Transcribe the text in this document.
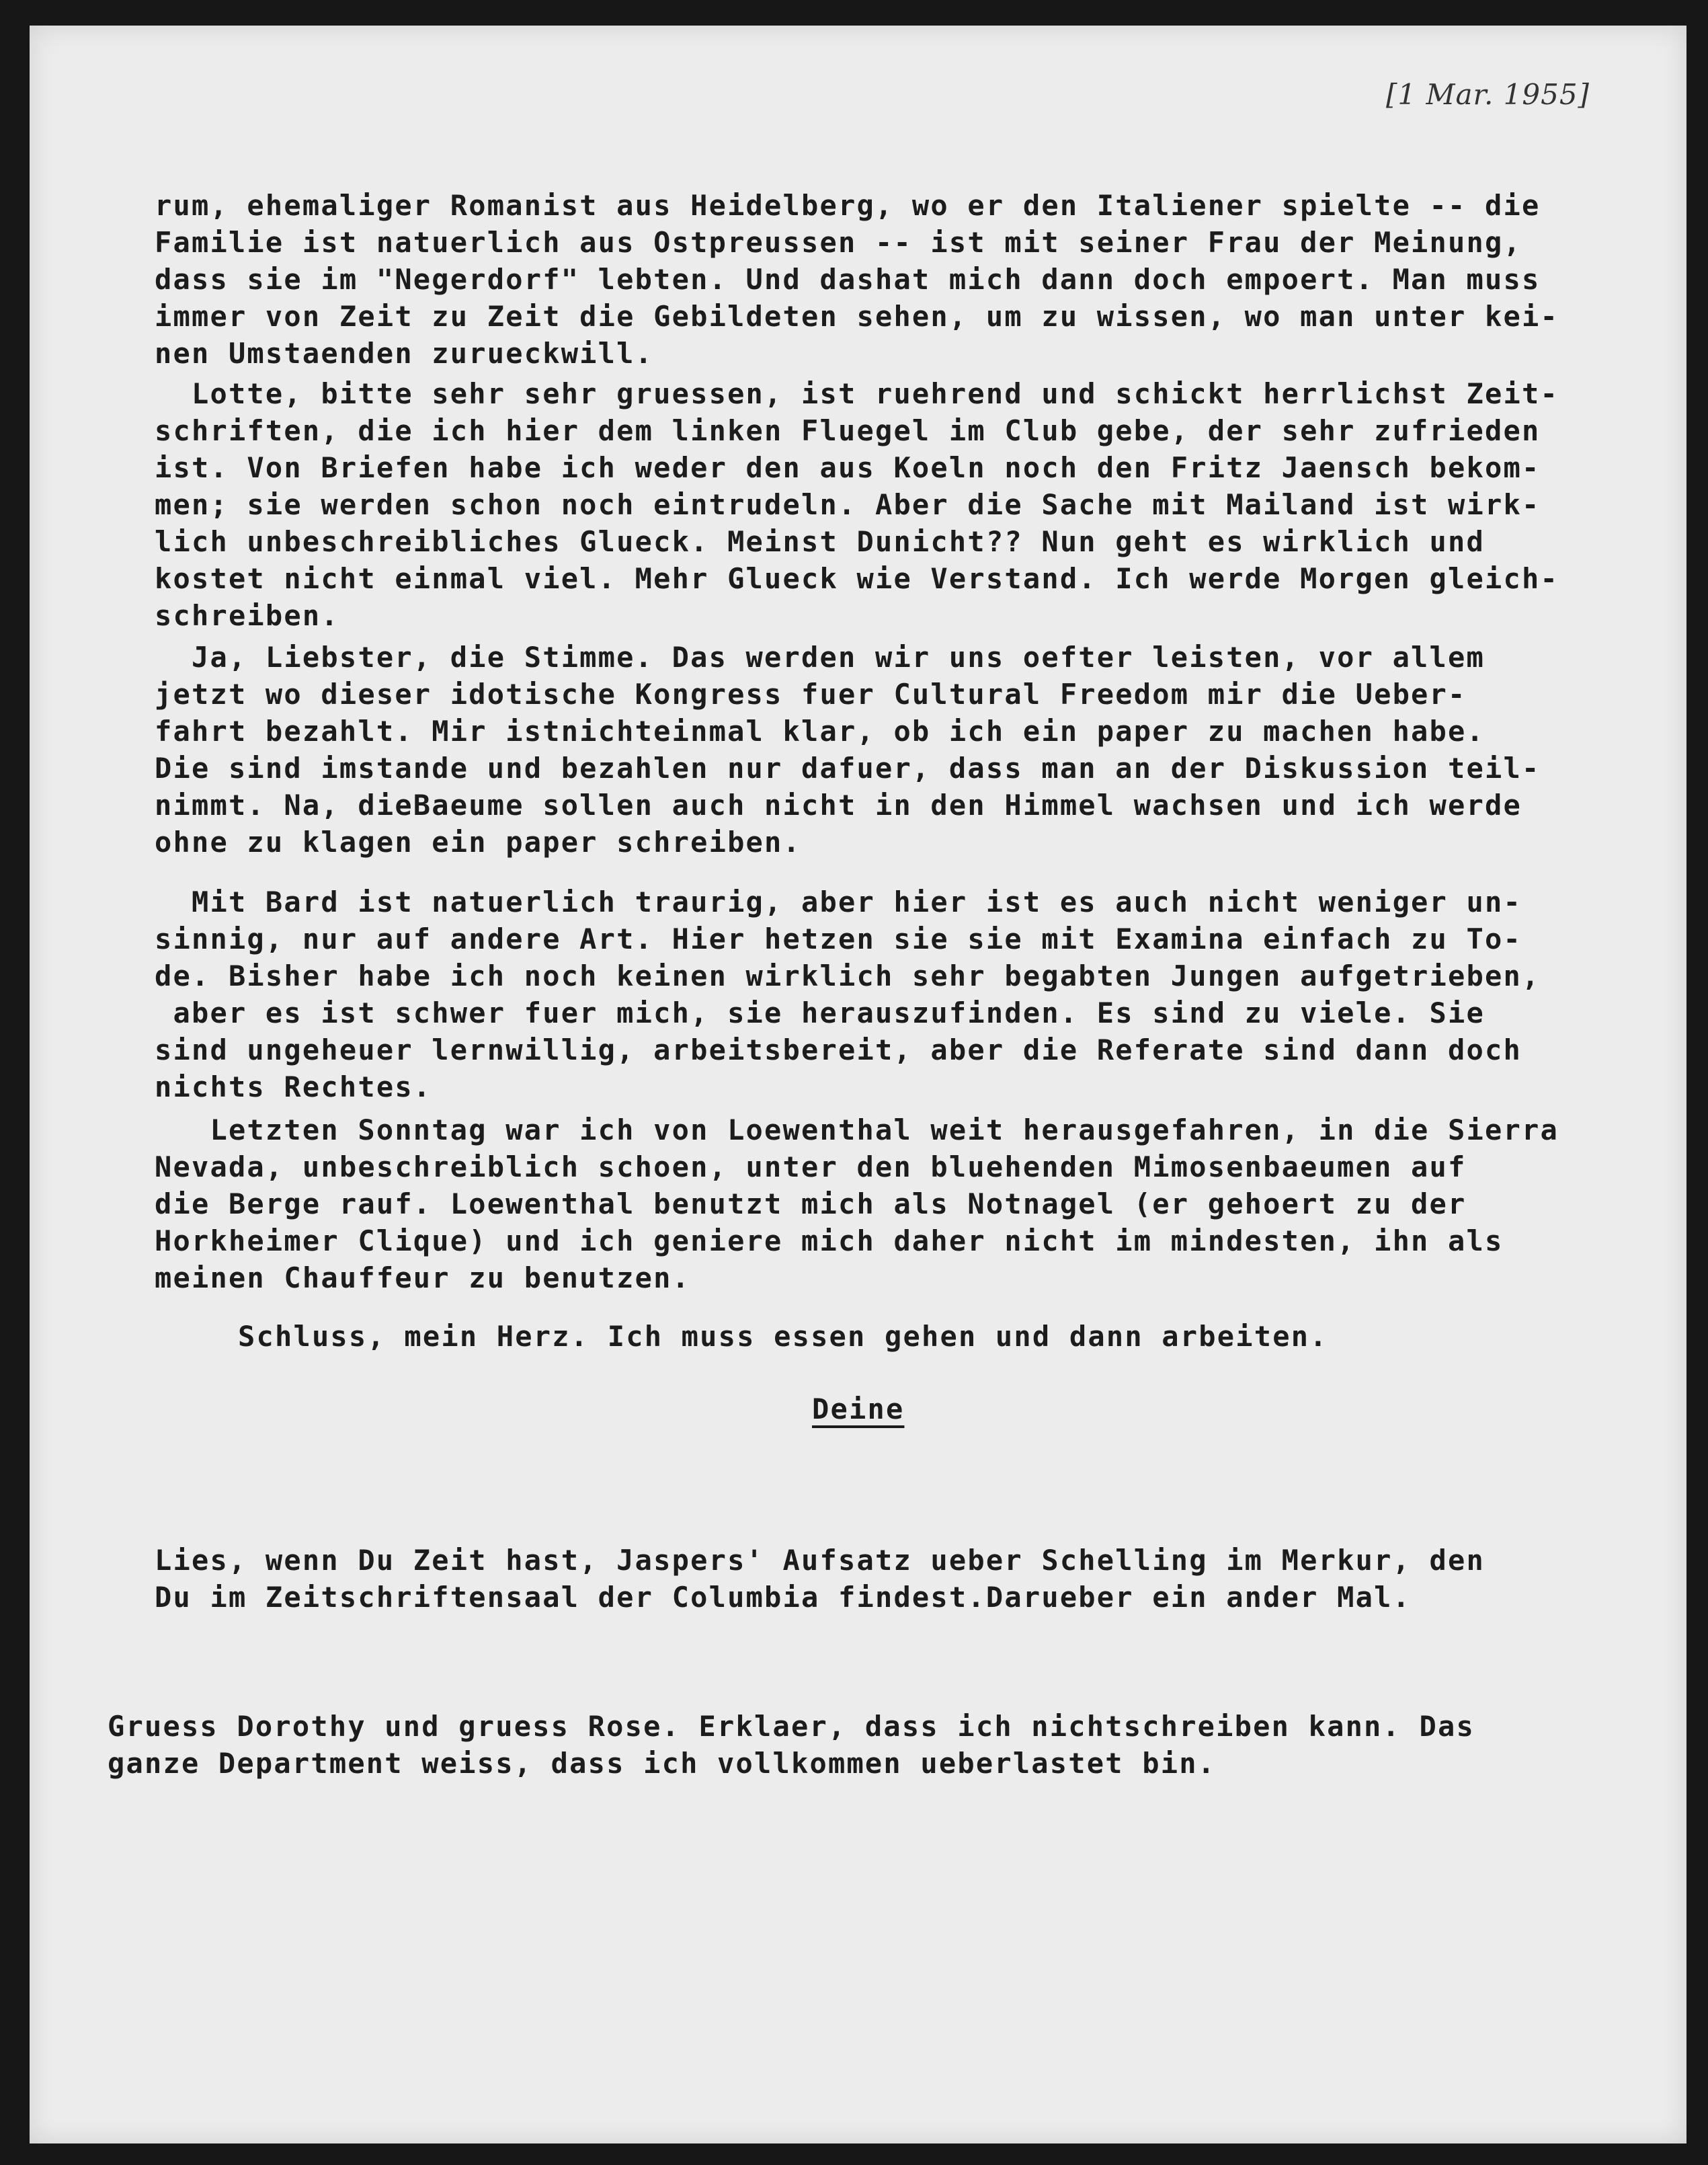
[1 Mar. 1955]

rum, ehemaliger Romanist aus Heidelberg, wo er den Italiener spielte -- die
Familie ist natuerlich aus Ostpreussen -- ist mit seiner Frau der Meinung,
dass sie im "Negerdorf" lebten. Und dashat mich dann doch empoert. Man muss
immer von Zeit zu Zeit die Gebildeten sehen, um zu wissen, wo man unter kei-
nen Umstaenden zurueckwill.

Lotte, bitte sehr sehr gruessen, ist ruehrend und schickt herrlichst Zeit-
schriften, die ich hier dem linken Fluegel im Club gebe, der sehr zufrieden
ist. Von Briefen habe ich weder den aus Koeln noch den Fritz Jaensch bekom-
men; sie werden schon noch eintrudeln. Aber die Sache mit Mailand ist wirk-
lich unbeschreibliches Glueck. Meinst Dunicht?? Nun geht es wirklich und
kostet nicht einmal viel. Mehr Glueck wie Verstand. Ich werde Morgen gleich-
schreiben.

Ja, Liebster, die Stimme. Das werden wir uns oefter leisten, vor allem
jetzt wo dieser idotische Kongress fuer Cultural Freedom mir die Ueber-
fahrt bezahlt. Mir istnichteinmal klar, ob ich ein paper zu machen habe.
Die sind imstande und bezahlen nur dafuer, dass man an der Diskussion teil-
nimmt. Na, dieBaeume sollen auch nicht in den Himmel wachsen und ich werde
ohne zu klagen ein paper schreiben.

Mit Bard ist natuerlich traurig, aber hier ist es auch nicht weniger un-
sinnig, nur auf andere Art. Hier hetzen sie sie mit Examina einfach zu To-
de. Bisher habe ich noch keinen wirklich sehr begabten Jungen aufgetrieben,
aber es ist schwer fuer mich, sie herauszufinden. Es sind zu viele. Sie
sind ungeheuer lernwillig, arbeitsbereit, aber die Referate sind dann doch
nichts Rechtes.

Letzten Sonntag war ich von Loewenthal weit herausgefahren, in die Sierra
Nevada, unbeschreiblich schoen, unter den bluehenden Mimosenbaeumen auf
die Berge rauf. Loewenthal benutzt mich als Notnagel (er gehoert zu der
Horkheimer Clique) und ich geniere mich daher nicht im mindesten, ihn als
meinen Chauffeur zu benutzen.

Schluss, mein Herz. Ich muss essen gehen und dann arbeiten.

Deine

Lies, wenn Du Zeit hast, Jaspers' Aufsatz ueber Schelling im Merkur, den
Du im Zeitschriftensaal der Columbia findest.Darueber ein ander Mal.

Gruess Dorothy und gruess Rose. Erklaer, dass ich nichtschreiben kann. Das
ganze Department weiss, dass ich vollkommen ueberlastet bin.
